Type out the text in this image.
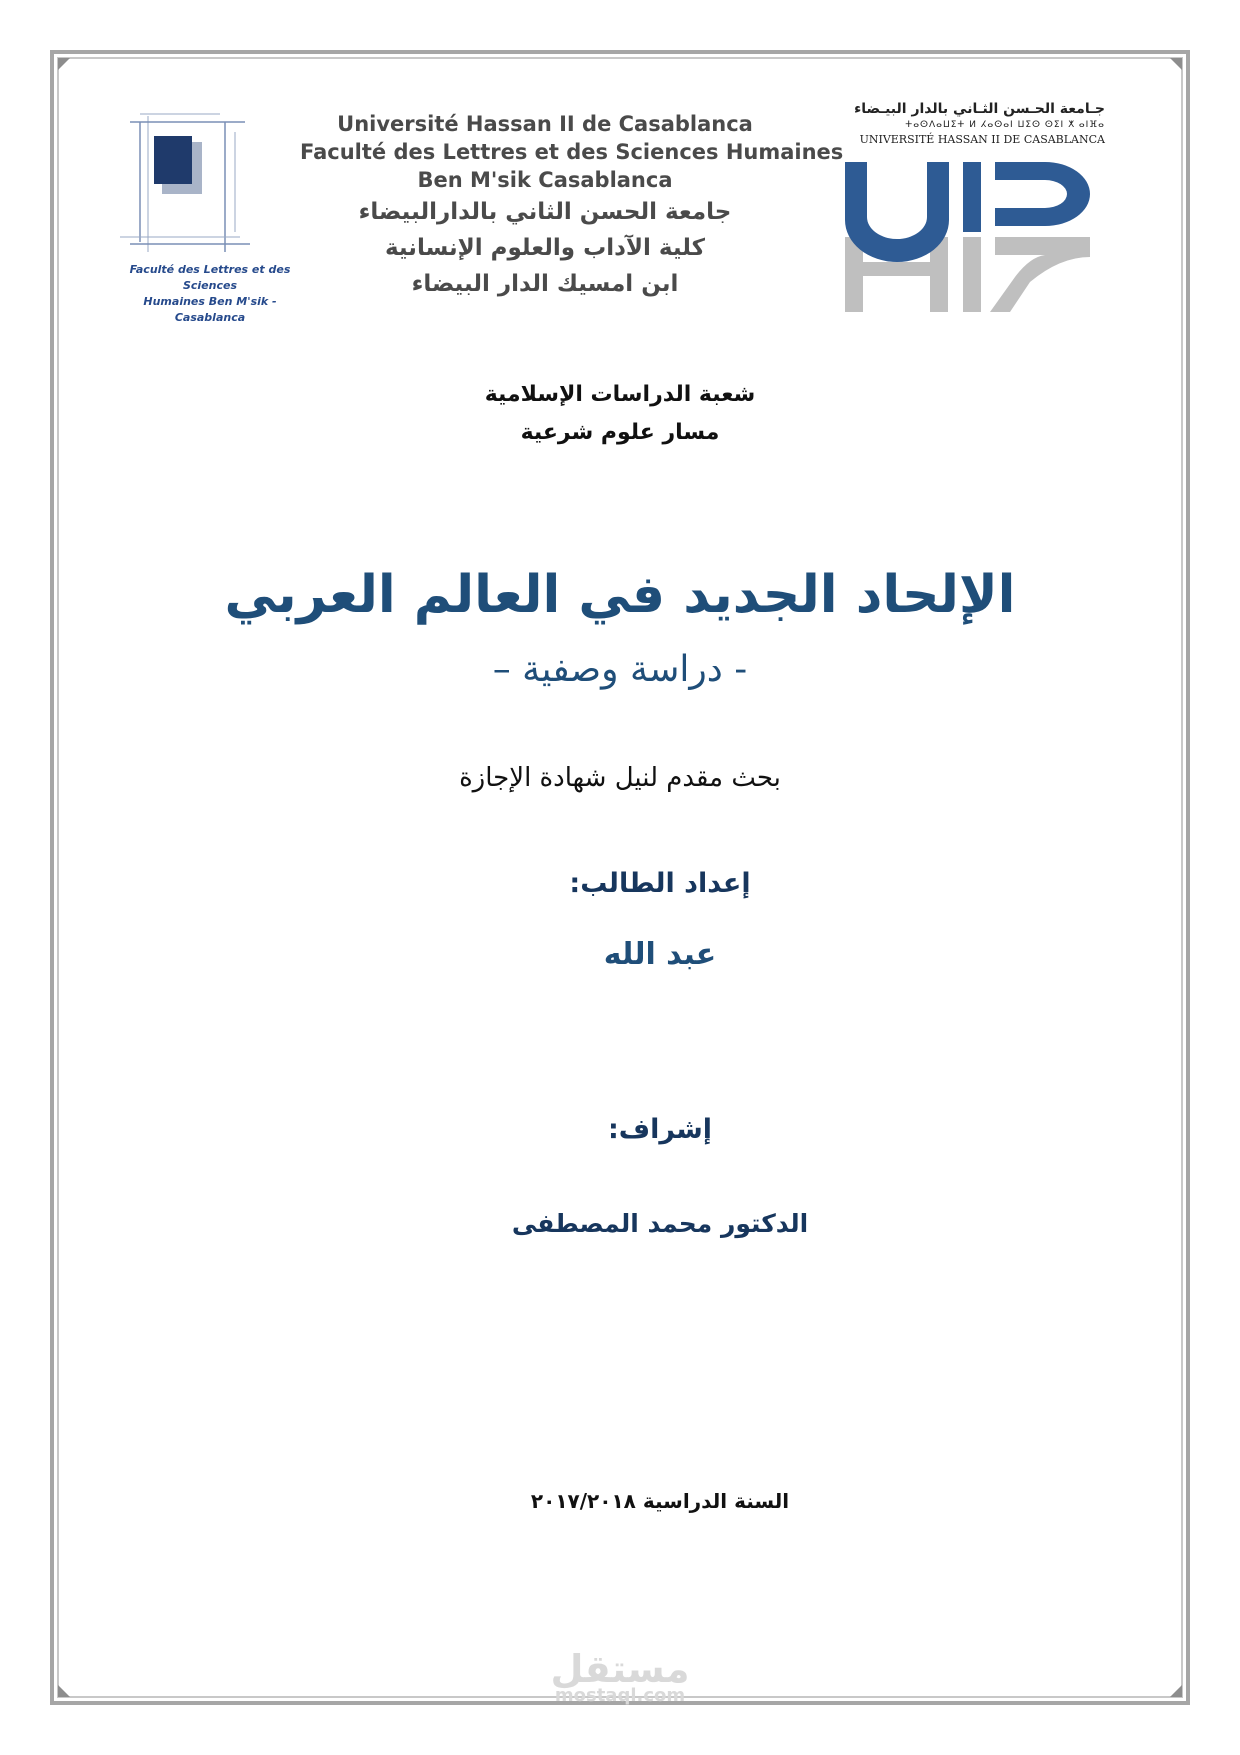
Faculté des Lettres et des Sciences
Humaines Ben M'sik - Casablanca
Université Hassan II de Casablanca
Faculté des Lettres et des Sciences Humaines
Ben M'sik Casablanca
جامعة الحسن الثاني بالدارالبيضاء
كلية الآداب والعلوم الإنسانية
ابن امسيك الدار البيضاء
جـامعة الحـسن الثـاني بالدار البيـضاء
ⵜⴰⵙⴷⴰⵡⵉⵜ ⵍ ⵃⴰⵙⴰⵏ ⵡⵉⵙ ⵙⵉⵏ ⵅ ⴰⵏⴼⴰ
UNIVERSITÉ HASSAN II DE CASABLANCA
شعبة الدراسات الإسلامية
مسار علوم شرعية
الإلحاد الجديد في العالم العربي
- دراسة وصفية –
بحث مقدم لنيل شهادة الإجازة
إعداد الطالب:
عبد الله
إشراف:
الدكتور محمد المصطفى
السنة الدراسية ٢٠١٧/٢٠١٨
مستقل
mostaql.com
